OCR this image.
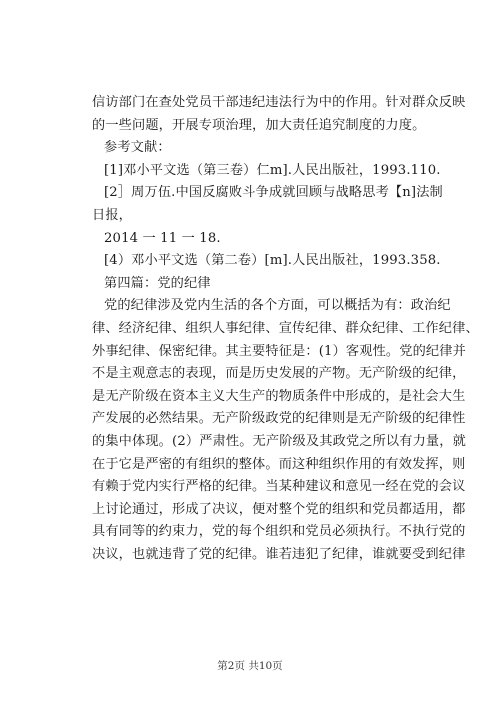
信访部门在查处党员干部违纪违法行为中的作用。针对群众反映
的一些问题，开展专项治理，加大责任追究制度的力度。
参考文献：
[1]邓小平文选（第三卷）仁m].人民出版社，1993.110.
[2］周万伍.中国反腐败斗争成就回顾与战略思考【n]法制
日报，
2014 一 11 一 18.
[4）邓小平文选（第二卷）[m].人民出版社，1993.358.
第四篇：党的纪律
党的纪律涉及党内生活的各个方面，可以概括为有：政治纪
律、经济纪律、组织人事纪律、宣传纪律、群众纪律、工作纪律、
外事纪律、保密纪律。其主要特征是：(1）客观性。党的纪律并
不是主观意志的表现，而是历史发展的产物。无产阶级的纪律，
是无产阶级在资本主义大生产的物质条件中形成的，是社会大生
产发展的必然结果。无产阶级政党的纪律则是无产阶级的纪律性
的集中体现。(2）严肃性。无产阶级及其政党之所以有力量，就
在于它是严密的有组织的整体。而这种组织作用的有效发挥，则
有赖于党内实行严格的纪律。当某种建议和意见一经在党的会议
上讨论通过，形成了决议，便对整个党的组织和党员都适用，都
具有同等的约束力，党的每个组织和党员必须执行。不执行党的
决议，也就违背了党的纪律。谁若违犯了纪律，谁就要受到纪律
第2页 共10页
